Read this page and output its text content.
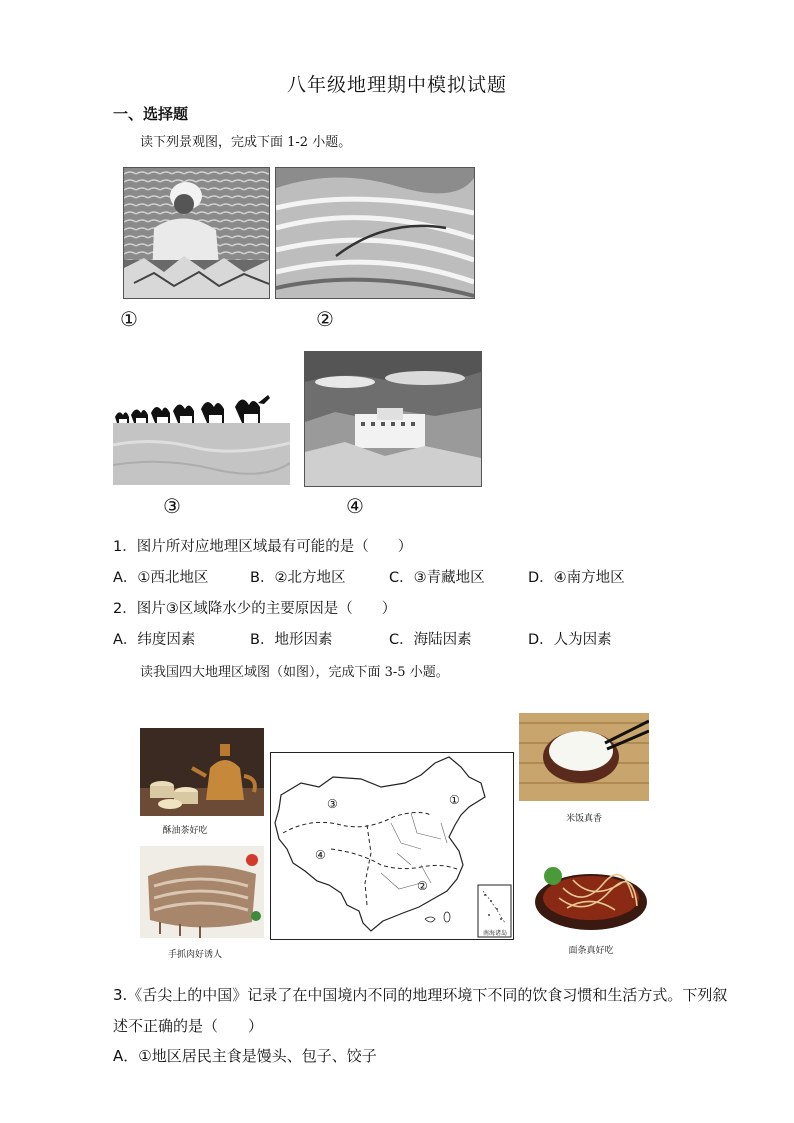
八年级地理期中模拟试题
一、选择题
读下列景观图，完成下面 1-2 小题。
①	②
③	④
1．图片所对应地理区域最有可能的是（　　）
A．①西北地区	B．②北方地区	C．③青藏地区	D．④南方地区
2．图片③区域降水少的主要原因是（　　）
A．纬度因素	B．地形因素	C．海陆因素	D．人为因素
读我国四大地理区域图（如图），完成下面 3-5 小题。
酥油茶好吃
米饭真香
手抓肉好诱人	面条真好吃
③	①
④
②
南海诸岛
3.《舌尖上的中国》记录了在中国境内不同的地理环境下不同的饮食习惯和生活方式。下列叙
述不正确的是（　　）
A．①地区居民主食是馒头、包子、饺子
